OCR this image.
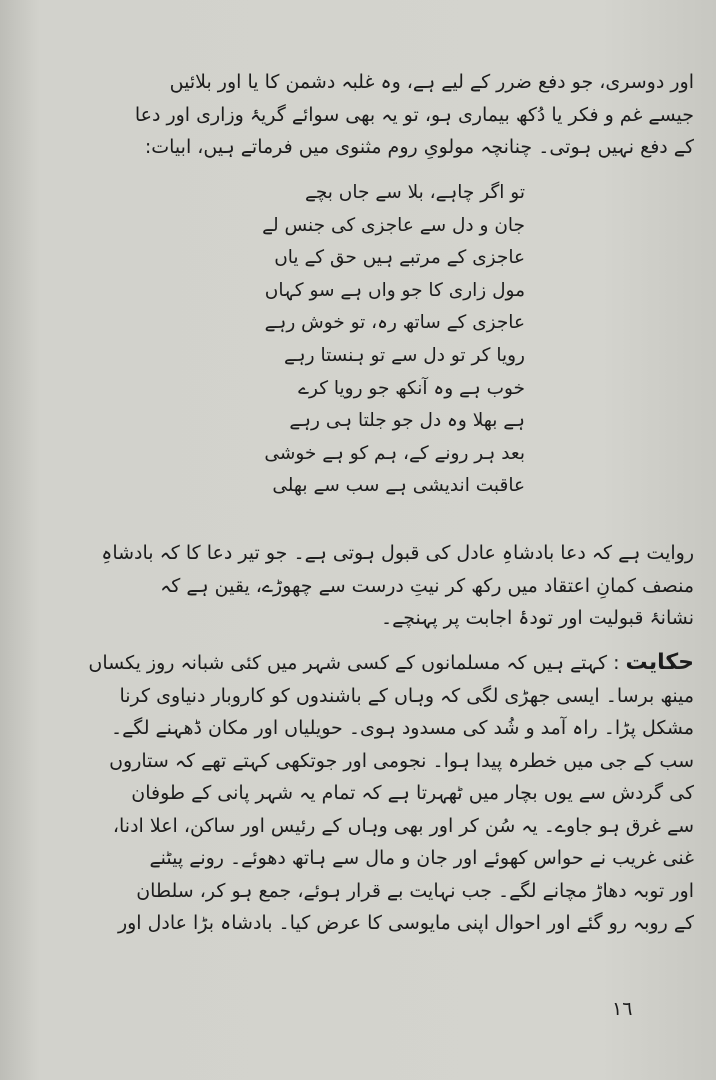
اور دوسری، جو دفع ضرر کے لیے ہے، وہ غلبہ دشمن کا یا اور بلائیں
جیسے غم و فکر یا دُکھ بیماری ہو، تو یہ بھی سوائے گریۂ وزاری اور دعا
کے دفع نہیں ہوتی۔ چنانچہ مولویِ روم مثنوی میں فرماتے ہیں، ابیات:
تو اگر چاہے، بلا سے جاں بچے
جان و دل سے عاجزی کی جنس لے
عاجزی کے مرتبے ہیں حق کے یاں
مول زاری کا جو واں ہے سو کہاں
عاجزی کے ساتھ رہ، تو خوش رہے
رویا کر تو دل سے تو ہنستا رہے
خوب ہے وہ آنکھ جو رویا کرے
ہے بھلا وہ دل جو جلتا ہی رہے
بعد ہر رونے کے، ہم کو ہے خوشی
عاقبت اندیشی ہے سب سے بھلی
روایت ہے کہ دعا بادشاہِ عادل کی قبول ہوتی ہے۔ جو تیر دعا کا کہ بادشاہِ
منصف کمانِ اعتقاد میں رکھ کر نیتِ درست سے چھوڑے، یقین ہے کہ
نشانۂ قبولیت اور تودۂ اجابت پر پہنچے۔
حکایت : کہتے ہیں کہ مسلمانوں کے کسی شہر میں کئی شبانہ روز یکساں
مینھ برسا۔ ایسی جھڑی لگی کہ وہاں کے باشندوں کو کاروبار دنیاوی کرنا
مشکل پڑا۔ راہ آمد و شُد کی مسدود ہوی۔ حویلیاں اور مکان ڈھہنے لگے۔
سب کے جی میں خطرہ پیدا ہوا۔ نجومی اور جوتکھی کہتے تھے کہ ستاروں
کی گردش سے یوں بچار میں ٹھہرتا ہے کہ تمام یہ شہر پانی کے طوفان
سے غرق ہو جاوے۔ یہ سُن کر اور بھی وہاں کے رئیس اور ساکن، اعلا ادنا،
غنی غریب نے حواس کھوئے اور جان و مال سے ہاتھ دھوئے۔ رونے پیٹنے
اور توبہ دھاڑ مچانے لگے۔ جب نہایت بے قرار ہوئے، جمع ہو کر، سلطان
کے روبہ رو گئے اور احوال اپنی مایوسی کا عرض کیا۔ بادشاہ بڑا عادل اور
١٦
